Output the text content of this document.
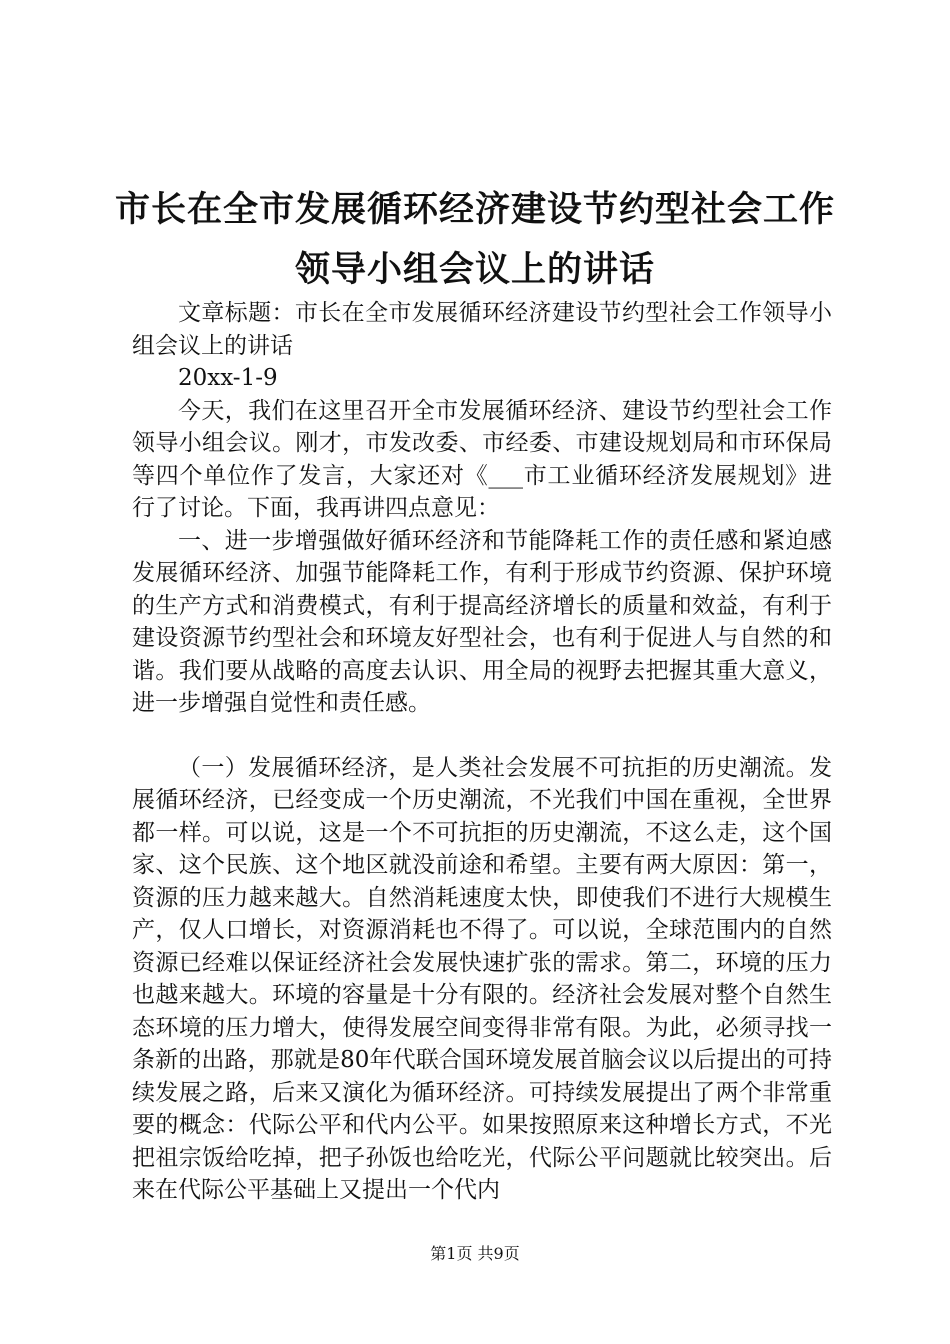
市长在全市发展循环经济建设节约型社会工作
领导小组会议上的讲话

文章标题：市长在全市发展循环经济建设节约型社会工作领导小组会议上的讲话

20xx-1-9

今天，我们在这里召开全市发展循环经济、建设节约型社会工作领导小组会议。刚才，市发改委、市经委、市建设规划局和市环保局等四个单位作了发言，大家还对《___市工业循环经济发展规划》进行了讨论。下面，我再讲四点意见：

一、进一步增强做好循环经济和节能降耗工作的责任感和紧迫感发展循环经济、加强节能降耗工作，有利于形成节约资源、保护环境的生产方式和消费模式，有利于提高经济增长的质量和效益，有利于建设资源节约型社会和环境友好型社会，也有利于促进人与自然的和谐。我们要从战略的高度去认识、用全局的视野去把握其重大意义，进一步增强自觉性和责任感。

（一）发展循环经济，是人类社会发展不可抗拒的历史潮流。发展循环经济，已经变成一个历史潮流，不光我们中国在重视，全世界都一样。可以说，这是一个不可抗拒的历史潮流，不这么走，这个国家、这个民族、这个地区就没前途和希望。主要有两大原因：第一，资源的压力越来越大。自然消耗速度太快，即使我们不进行大规模生产，仅人口增长，对资源消耗也不得了。可以说，全球范围内的自然资源已经难以保证经济社会发展快速扩张的需求。第二，环境的压力也越来越大。环境的容量是十分有限的。经济社会发展对整个自然生态环境的压力增大，使得发展空间变得非常有限。为此，必须寻找一条新的出路，那就是80年代联合国环境发展首脑会议以后提出的可持续发展之路，后来又演化为循环经济。可持续发展提出了两个非常重要的概念：代际公平和代内公平。如果按照原来这种增长方式，不光把祖宗饭给吃掉，把子孙饭也给吃光，代际公平问题就比较突出。后来在代际公平基础上又提出一个代内

第1页 共9页
